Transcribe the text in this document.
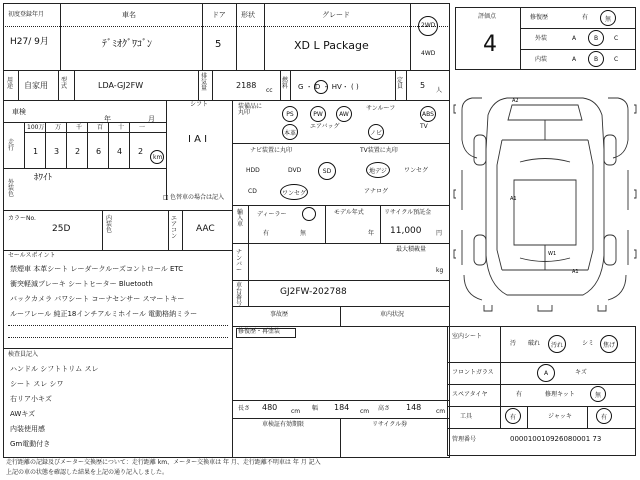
初度登録年月
H27/ 9月
車名
ﾃﾞﾐｵｸﾞﾜｺﾞﾝ
ドア
5
形状	グレード
XD L Package
2WD
4WD
用途 自家用
型式	LDA-GJ2FW
排気量	2188
cc
燃料 G ・ D ・ HV・ ( )
定員 5
人
車検
年	月
シフト
I A I
走行
100万 万 千 百 十 一
1 3 2 6 4 2
km
外装色
ﾎﾜｲﾄ
色替車の場合は記入
□
カラーNo.
25D
内装色
エアコン
AAC
セールスポイント
禁煙車 本革シート レーダークルーズコントロール ETC
衝突軽減ブレーキ シートヒーター Bluetooth
バックカメラ パワシート コーナセンサー スマートキー
ルーフレール 純正18インチアルミホイール 電動格納ミラー
検査員記入
ハンドル シフトトリム スレ
シート スレ シワ
右リア小キズ
AWキズ
内装使用感
Gm電動付き
装備品に丸印	PS	PW	AW
サンルーフ
ABS
本革
エアバッグ
ノビ
TV
ナビ装置に丸印	TV装置に丸印
HDD	DVD	SD
CD	ワンセグ
地デジ	ワンセグ
アナログ
輸入車
ディーラー
有	無
モデル年式
年
リサイクル預託金
11,000 円
最大積載量
kg
ナンバー
車台番号
GJ2FW-202788
事故歴	車内状況
修復歴・再塗装
長さ 480 cm 幅 184 cm 高さ 148 cm
車検証有効期限	リサイクル券
評価点
4
修復歴	有	無
外装	A	B	C
内装	A	B	C
A2
A1
W1
A1
室内シート
汚 破れ 汚れ	シミ 焦げ
フロントガラス	A	キズ
スペアタイヤ	有	修理キット	無
工具	有	ジャッキ	有
管理番号	000010010926080001 73
走行距離の記録及びメーター交換歴について：走行距離 km、メーター交換車は 年 月、走行距離不明車は 年 月 記入
上記の車の状態を確認した結果を上記の通り記入しました。
